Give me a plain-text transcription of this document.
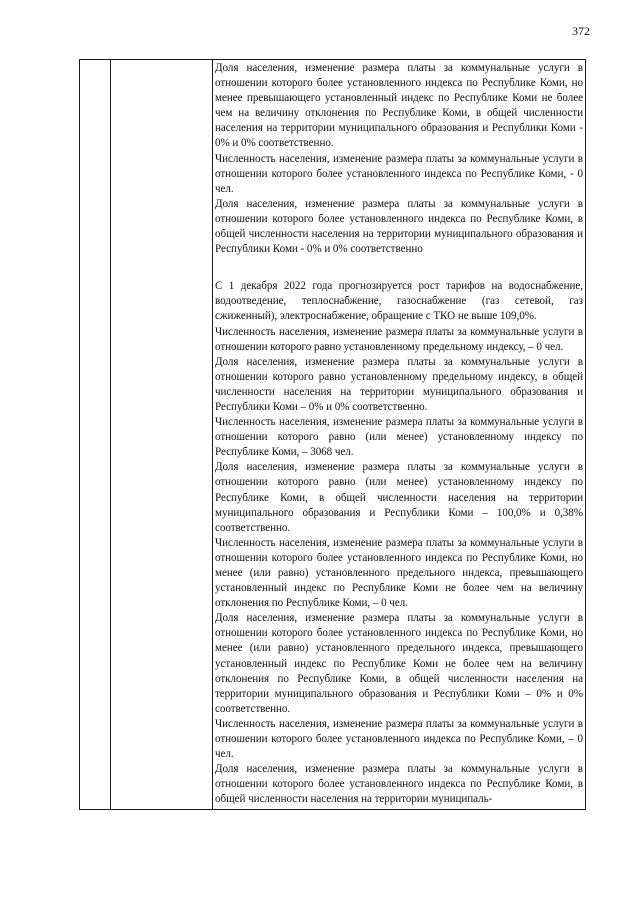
372

Доля населения, изменение размера платы за коммунальные услуги в отношении которого более установленного индекса по Республике Коми, но менее превышающего установленный индекс по Республике Коми не более чем на величину отклонения по Республике Коми, в общей численности населения на территории муниципального образования и Республики Коми - 0% и 0% соответственно.

Численность населения, изменение размера платы за коммунальные услуги в отношении которого более установленного индекса по Республике Коми, - 0 чел.

Доля населения, изменение размера платы за коммунальные услуги в отношении которого более установленного индекса по Республике Коми, в общей численности населения на территории муниципального образования и Республики Коми - 0% и 0% соответственно

С 1 декабря 2022 года прогнозируется рост тарифов на водоснабжение, водоотведение, теплоснабжение, газоснабжение (газ сетевой, газ сжиженный), электроснабжение, обращение с ТКО не выше 109,0%.

Численность населения, изменение размера платы за коммунальные услуги в отношении которого равно установленному предельному индексу, – 0 чел.

Доля населения, изменение размера платы за коммунальные услуги в отношении которого равно установленному предельному индексу, в общей численности населения на территории муниципального образования и Республики Коми – 0% и 0% соответственно.

Численность населения, изменение размера платы за коммунальные услуги в отношении которого равно (или менее) установленному индексу по Республике Коми, – 3068 чел.

Доля населения, изменение размера платы за коммунальные услуги в отношении которого равно (или менее) установленному индексу по Республике Коми, в общей численности населения на территории муниципального образования и Республики Коми – 100,0% и 0,38% соответственно.

Численность населения, изменение размера платы за коммунальные услуги в отношении которого более установленного индекса по Республике Коми, но менее (или равно) установленного предельного индекса, превышающего установленный индекс по Республике Коми не более чем на величину отклонения по Республике Коми, – 0 чел.

Доля населения, изменение размера платы за коммунальные услуги в отношении которого более установленного индекса по Республике Коми, но менее (или равно) установленного предельного индекса, превышающего установленный индекс по Республике Коми не более чем на величину отклонения по Республике Коми, в общей численности населения на территории муниципального образования и Республики Коми – 0% и 0% соответственно.

Численность населения, изменение размера платы за коммунальные услуги в отношении которого более установленного индекса по Республике Коми, – 0 чел.

Доля населения, изменение размера платы за коммунальные услуги в отношении которого более установленного индекса по Республике Коми, в общей численности населения на территории муниципаль-
